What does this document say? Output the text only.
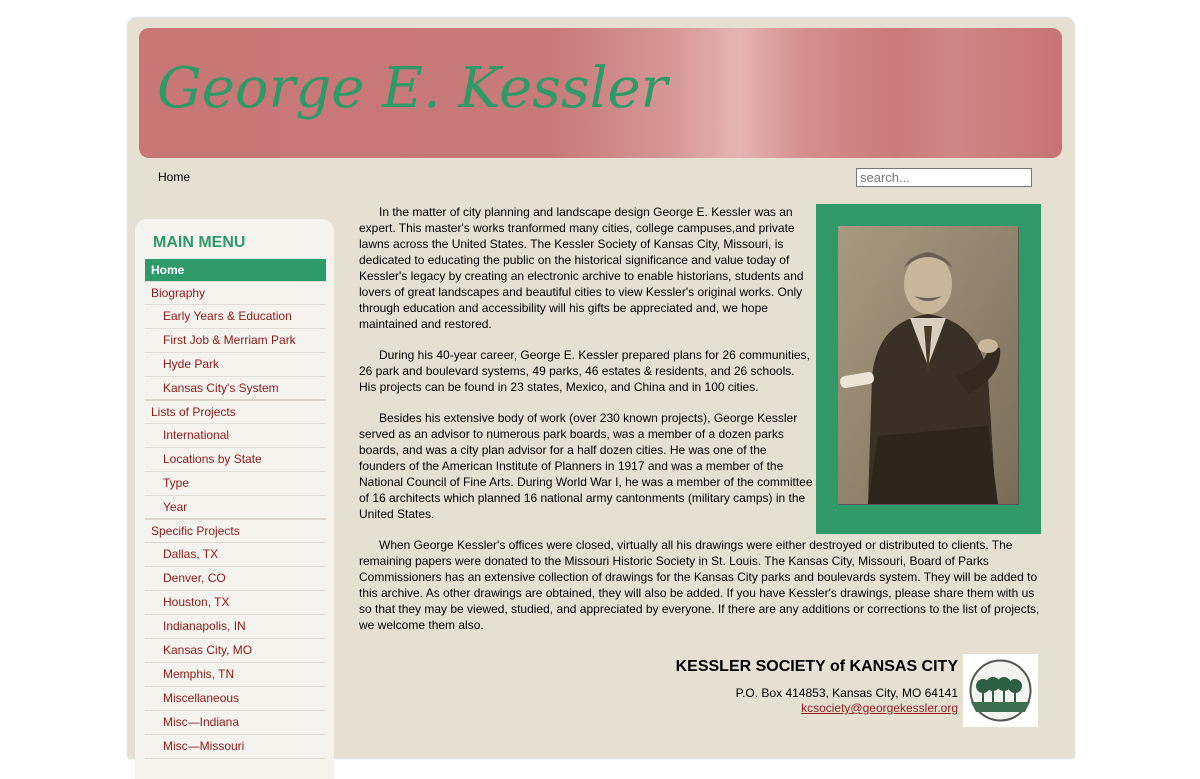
George E. Kessler
Home
search...
MAIN MENU
Home
Biography
Early Years & Education
First Job & Merriam Park
Hyde Park
Kansas City's System
Lists of Projects
International
Locations by State
Type
Year
Specific Projects
Dallas, TX
Denver, CO
Houston, TX
Indianapolis, IN
Kansas City, MO
Memphis, TN
Miscellaneous
Misc—Indiana
Misc—Missouri

In the matter of city planning and landscape design George E. Kessler was an expert. This master's works tranformed many cities, college campuses,and private lawns across the United States. The Kessler Society of Kansas City, Missouri, is dedicated to educating the public on the historical significance and value today of Kessler's legacy by creating an electronic archive to enable historians, students and lovers of great landscapes and beautiful cities to view Kessler's original works. Only through education and accessibility will his gifts be appreciated and, we hope maintained and restored.

During his 40-year career, George E. Kessler prepared plans for 26 communities, 26 park and boulevard systems, 49 parks, 46 estates & residents, and 26 schools. His projects can be found in 23 states, Mexico, and China and in 100 cities.

Besides his extensive body of work (over 230 known projects), George Kessler served as an advisor to numerous park boards, was a member of a dozen parks boards, and was a city plan advisor for a half dozen cities. He was one of the founders of the American Institute of Planners in 1917 and was a member of the National Council of Fine Arts. During World War I, he was a member of the committee of 16 architects which planned 16 national army cantonments (military camps) in the United States.

When George Kessler's offices were closed, virtually all his drawings were either destroyed or distributed to clients. The remaining papers were donated to the Missouri Historic Society in St. Louis. The Kansas City, Missouri, Board of Parks Commissioners has an extensive collection of drawings for the Kansas City parks and boulevards system. They will be added to this archive. As other drawings are obtained, they will also be added. If you have Kessler's drawings, please share them with us so that they may be viewed, studied, and appreciated by everyone. If there are any additions or corrections to the list of projects, we welcome them also.

KESSLER SOCIETY of KANSAS CITY
P.O. Box 414853, Kansas City, MO 64141
kcsociety@georgekessler.org
